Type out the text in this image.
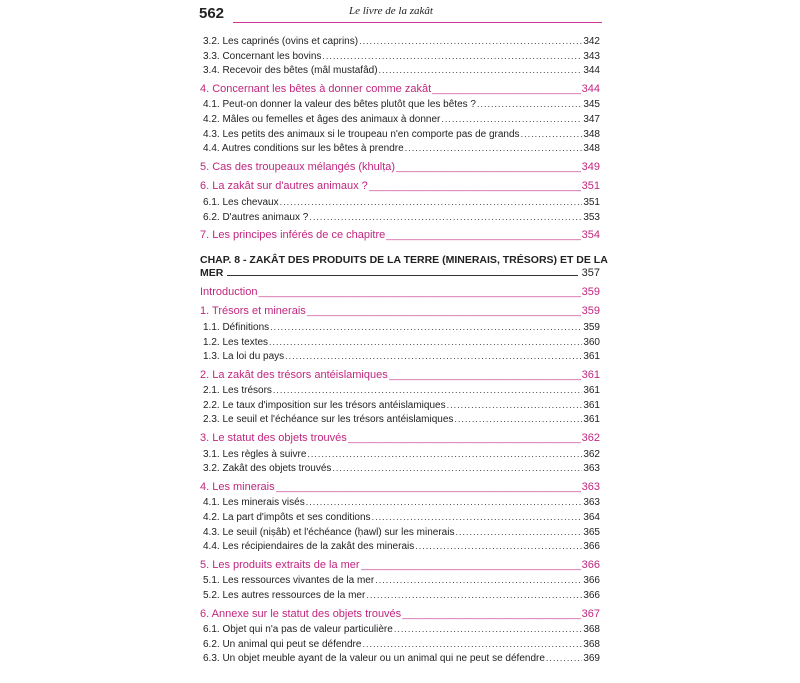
562	Le livre de la zakât
3.2. Les caprinés (ovins et caprins) .....	342
3.3. Concernant les bovins .....	343
3.4. Recevoir des bêtes (mâl mustafâd) .....	344
4. Concernant les bêtes à donner comme zakât _____	344
4.1. Peut-on donner la valeur des bêtes plutôt que les bêtes ? .....	345
4.2. Mâles ou femelles et âges des animaux à donner .....	347
4.3. Les petits des animaux si le troupeau n'en comporte pas de grands .....	348
4.4. Autres conditions sur les bêtes à prendre .....	348
5. Cas des troupeaux mélangés (khulṭa) _____	349
6. La zakât sur d'autres animaux ? _____	351
6.1. Les chevaux .....	351
6.2. D'autres animaux ? .....	353
7. Les principes inférés de ce chapitre _____	354
CHAP. 8 - ZAKÂT DES PRODUITS DE LA TERRE (MINERAIS, TRÉSORS) ET DE LA
MER	357
Introduction _____	359
1. Trésors et minerais _____	359
1.1. Définitions .....	359
1.2. Les textes .....	360
1.3. La loi du pays .....	361
2. La zakât des trésors antéislamiques _____	361
2.1. Les trésors .....	361
2.2. Le taux d'imposition sur les trésors antéislamiques .....	361
2.3. Le seuil et l'échéance sur les trésors antéislamiques .....	361
3. Le statut des objets trouvés _____	362
3.1. Les règles à suivre .....	362
3.2. Zakât des objets trouvés .....	363
4. Les minerais _____	363
4.1. Les minerais visés .....	363
4.2. La part d'impôts et ses conditions .....	364
4.3. Le seuil (niṣâb) et l'échéance (ḥawl) sur les minerais .....	365
4.4. Les récipiendaires de la zakât des minerais .....	366
5. Les produits extraits de la mer _____	366
5.1. Les ressources vivantes de la mer .....	366
5.2. Les autres ressources de la mer .....	366
6. Annexe sur le statut des objets trouvés _____	367
6.1. Objet qui n'a pas de valeur particulière .....	368
6.2. Un animal qui peut se défendre .....	368
6.3. Un objet meuble ayant de la valeur ou un animal qui ne peut se défendre .....	369
